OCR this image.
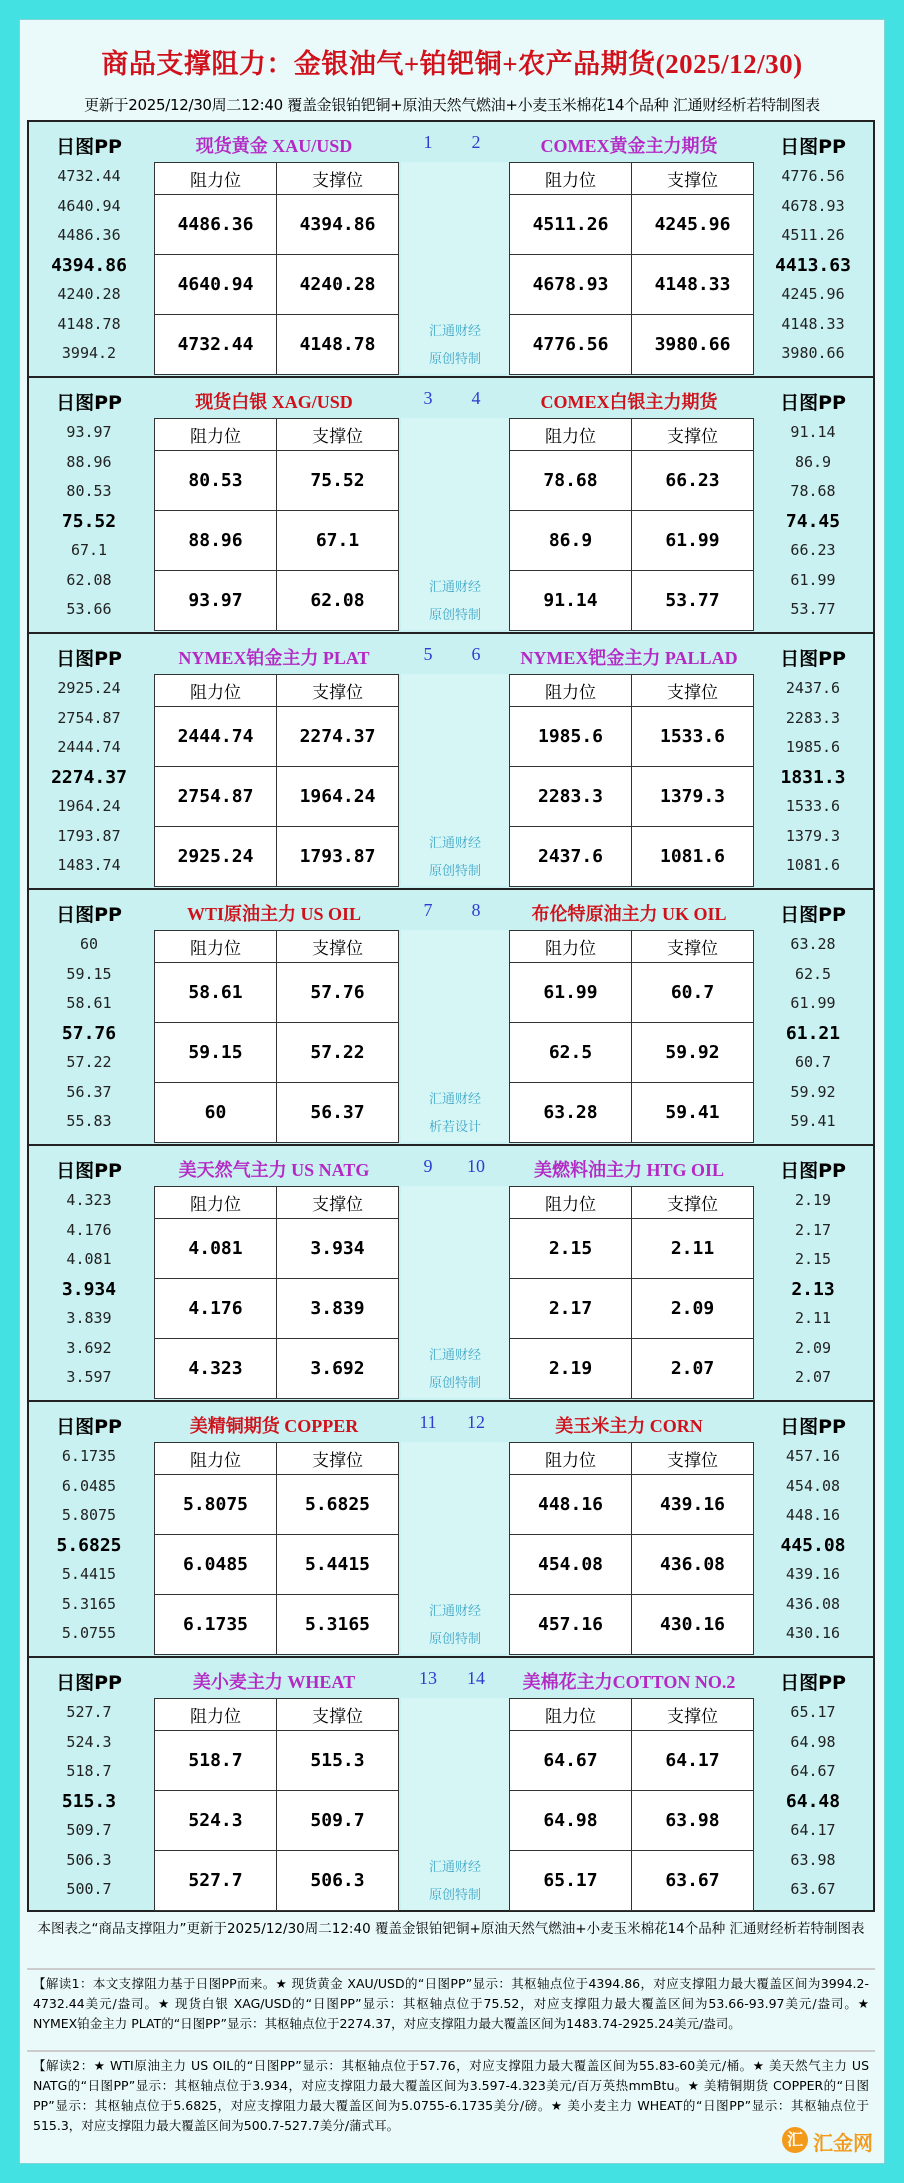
商品支撑阻力：金银油气+铂钯铜+农产品期货(2025/12/30)
更新于2025/12/30周二12:40 覆盖金银铂钯铜+原油天然气燃油+小麦玉米棉花14个品种 汇通财经析若特制图表
日图PP	现货黄金 XAU/USD	1
4732.44
4640.94
4486.36
4394.86
4240.28
4148.78
3994.2
阻力位	支撑位
4486.36	4394.86
4640.94	4240.28
4732.44	4148.78
日图PP
COMEX黄金主力期货
2
4776.56
4678.93
4511.26
4413.63
4245.96
4148.33
3980.66
阻力位	支撑位
4511.26	4245.96
4678.93	4148.33
4776.56	3980.66
汇通财经
原创特制
日图PP	现货白银 XAG/USD	3
93.97
88.96
80.53
75.52
67.1
62.08
53.66
阻力位	支撑位
80.53	75.52
88.96	67.1
93.97	62.08
日图PP
COMEX白银主力期货
4
91.14
86.9
78.68
74.45
66.23
61.99
53.77
阻力位	支撑位
78.68	66.23
86.9	61.99
91.14	53.77
汇通财经
原创特制
日图PP	NYMEX铂金主力 PLAT	5
2925.24
2754.87
2444.74
2274.37
1964.24
1793.87
1483.74
阻力位	支撑位
2444.74	2274.37
2754.87	1964.24
2925.24	1793.87
日图PP
NYMEX钯金主力 PALLAD
6
2437.6
2283.3
1985.6
1831.3
1533.6
1379.3
1081.6
阻力位	支撑位
1985.6	1533.6
2283.3	1379.3
2437.6	1081.6
汇通财经
原创特制
日图PP	WTI原油主力 US OIL	7
60
59.15
58.61
57.76
57.22
56.37
55.83
阻力位	支撑位
58.61	57.76
59.15	57.22
60	56.37
日图PP
布伦特原油主力 UK OIL
8
63.28
62.5
61.99
61.21
60.7
59.92
59.41
阻力位	支撑位
61.99	60.7
62.5	59.92
63.28	59.41
汇通财经
析若设计
日图PP	美天然气主力 US NATG	9
4.323
4.176
4.081
3.934
3.839
3.692
3.597
阻力位	支撑位
4.081	3.934
4.176	3.839
4.323	3.692
日图PP
美燃料油主力 HTG OIL
10
2.19
2.17
2.15
2.13
2.11
2.09
2.07
阻力位	支撑位
2.15	2.11
2.17	2.09
2.19	2.07
汇通财经
原创特制
日图PP	美精铜期货 COPPER	11
6.1735
6.0485
5.8075
5.6825
5.4415
5.3165
5.0755
阻力位	支撑位
5.8075	5.6825
6.0485	5.4415
6.1735	5.3165
日图PP
美玉米主力 CORN
12
457.16
454.08
448.16
445.08
439.16
436.08
430.16
阻力位	支撑位
448.16	439.16
454.08	436.08
457.16	430.16
汇通财经
原创特制
日图PP	美小麦主力 WHEAT	13
527.7
524.3
518.7
515.3
509.7
506.3
500.7
阻力位	支撑位
518.7	515.3
524.3	509.7
527.7	506.3
日图PP
美棉花主力COTTON NO.2
14
65.17
64.98
64.67
64.48
64.17
63.98
63.67
阻力位	支撑位
64.67	64.17
64.98	63.98
65.17	63.67
汇通财经
原创特制
本图表之“商品支撑阻力”更新于2025/12/30周二12:40 覆盖金银铂钯铜+原油天然气燃油+小麦玉米棉花14个品种 汇通财经析若特制图表
【解读1：本文支撑阻力基于日图PP而来。★ 现货黄金 XAU/USD的“日图PP”显示：其枢轴点位于4394.86，对应支撑阻力最大覆盖区间为3994.2-4732.44美元/盎司。★ 现货白银 XAG/USD的“日图PP”显示：其枢轴点位于75.52，对应支撑阻力最大覆盖区间为53.66-93.97美元/盎司。★ NYMEX铂金主力 PLAT的“日图PP”显示：其枢轴点位于2274.37，对应支撑阻力最大覆盖区间为1483.74-2925.24美元/盎司。
【解读2：★ WTI原油主力 US OIL的“日图PP”显示：其枢轴点位于57.76，对应支撑阻力最大覆盖区间为55.83-60美元/桶。★ 美天然气主力 US NATG的“日图PP”显示：其枢轴点位于3.934，对应支撑阻力最大覆盖区间为3.597-4.323美元/百万英热mmBtu。★ 美精铜期货 COPPER的“日图PP”显示：其枢轴点位于5.6825，对应支撑阻力最大覆盖区间为5.0755-6.1735美分/磅。★ 美小麦主力 WHEAT的“日图PP”显示：其枢轴点位于515.3，对应支撑阻力最大覆盖区间为500.7-527.7美分/蒲式耳。
汇 汇金网
